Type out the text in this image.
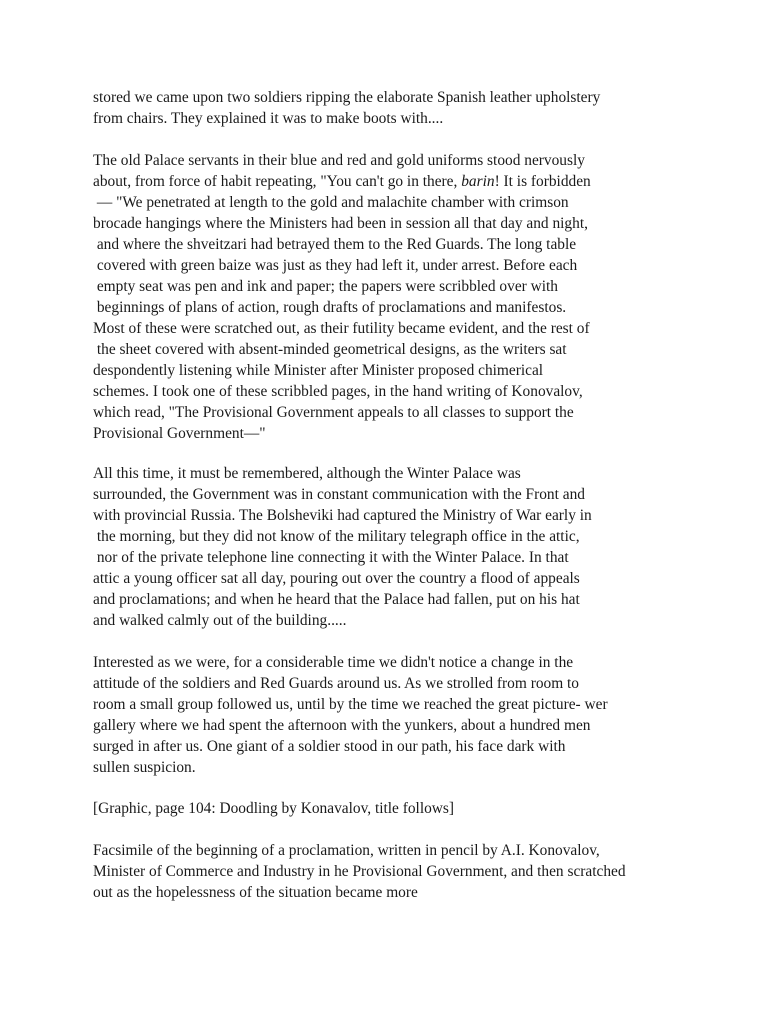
stored we came upon two soldiers ripping the elaborate Spanish leather upholstery
from chairs. They explained it was to make boots with....
The old Palace servants in their blue and red and gold uniforms stood nervously
about, from force of habit repeating, "You can't go in there, barin! It is forbidden
— "We penetrated at length to the gold and malachite chamber with crimson
brocade hangings where the Ministers had been in session all that day and night,
and where the shveitzari had betrayed them to the Red Guards. The long table
covered with green baize was just as they had left it, under arrest. Before each
empty seat was pen and ink and paper; the papers were scribbled over with
beginnings of plans of action, rough drafts of proclamations and manifestos.
Most of these were scratched out, as their futility became evident, and the rest of
the sheet covered with absent-minded geometrical designs, as the writers sat
despondently listening while Minister after Minister proposed chimerical
schemes. I took one of these scribbled pages, in the hand writing of Konovalov,
which read, "The Provisional Government appeals to all classes to support the
Provisional Government—"
All this time, it must be remembered, although the Winter Palace was
surrounded, the Government was in constant communication with the Front and
with provincial Russia. The Bolsheviki had captured the Ministry of War early in
the morning, but they did not know of the military telegraph office in the attic,
nor of the private telephone line connecting it with the Winter Palace. In that
attic a young officer sat all day, pouring out over the country a flood of appeals
and proclamations; and when he heard that the Palace had fallen, put on his hat
and walked calmly out of the building.....
Interested as we were, for a considerable time we didn't notice a change in the
attitude of the soldiers and Red Guards around us. As we strolled from room to
room a small group followed us, until by the time we reached the great picture- wer
gallery where we had spent the afternoon with the yunkers, about a hundred men
surged in after us. One giant of a soldier stood in our path, his face dark with
sullen suspicion.
[Graphic, page 104: Doodling by Konavalov, title follows]
Facsimile of the beginning of a proclamation, written in pencil by A.I. Konovalov,
Minister of Commerce and Industry in he Provisional Government, and then scratched
out as the hopelessness of the situation became more
